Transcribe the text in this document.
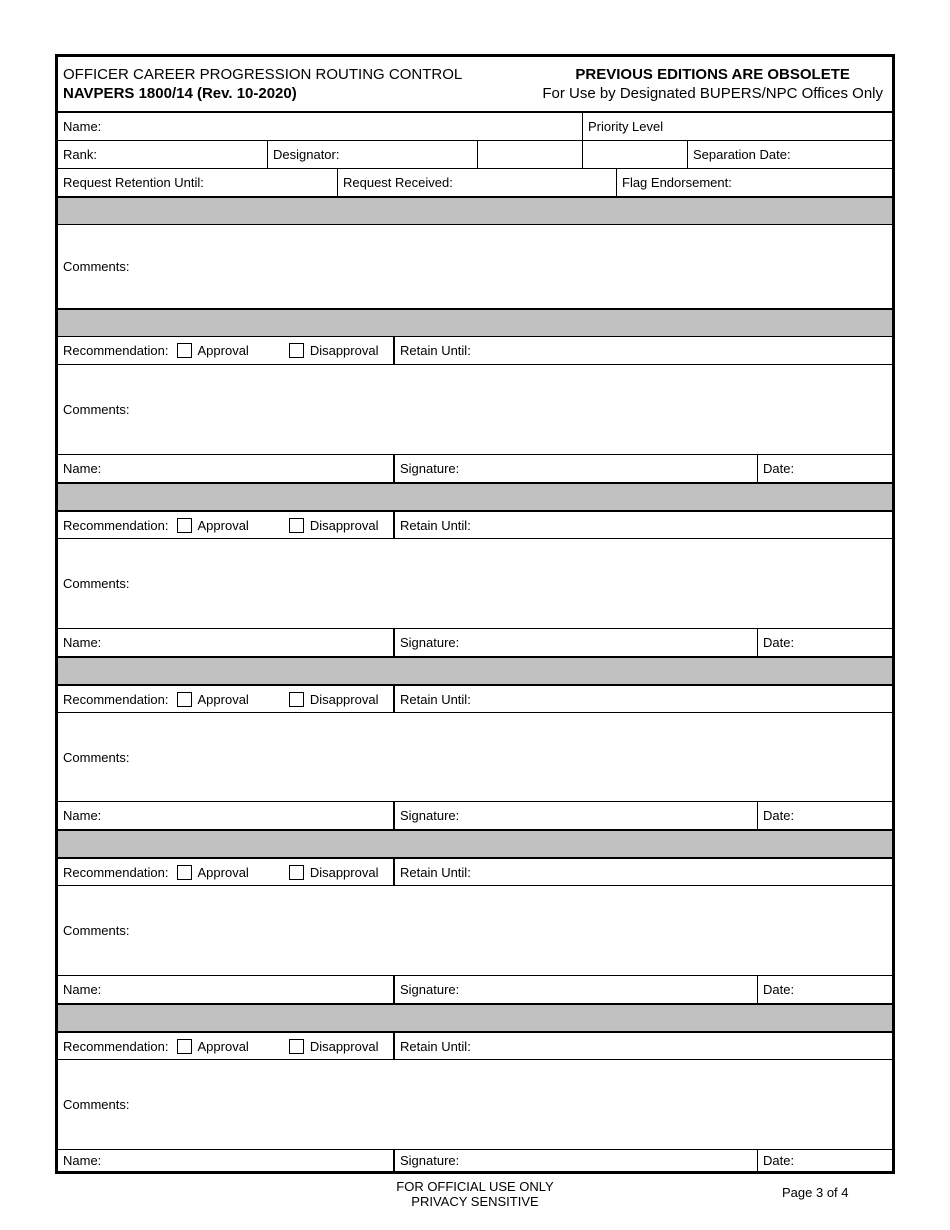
OFFICER CAREER PROGRESSION ROUTING CONTROL
NAVPERS 1800/14 (Rev. 10-2020)
PREVIOUS EDITIONS ARE OBSOLETE
For Use by Designated BUPERS/NPC Offices Only
Name:	Priority Level
Rank:	Designator:	Separation Date:
Request Retention Until:	Request Received:	Flag Endorsement:
Comments:
Recommendation: Approval	Disapproval Retain Until:
Comments:
Name:	Signature:	Date:
Recommendation: Approval	Disapproval Retain Until:
Comments:
Name:	Signature:	Date:
Recommendation: Approval	Disapproval Retain Until:
Comments:
Name:	Signature:	Date:
Recommendation: Approval	Disapproval Retain Until:
Comments:
Name:	Signature:	Date:
Recommendation: Approval	Disapproval Retain Until:
Comments:
Name:	Signature:	Date:
FOR OFFICIAL USE ONLY
PRIVACY SENSITIVE
Page 3 of 4
